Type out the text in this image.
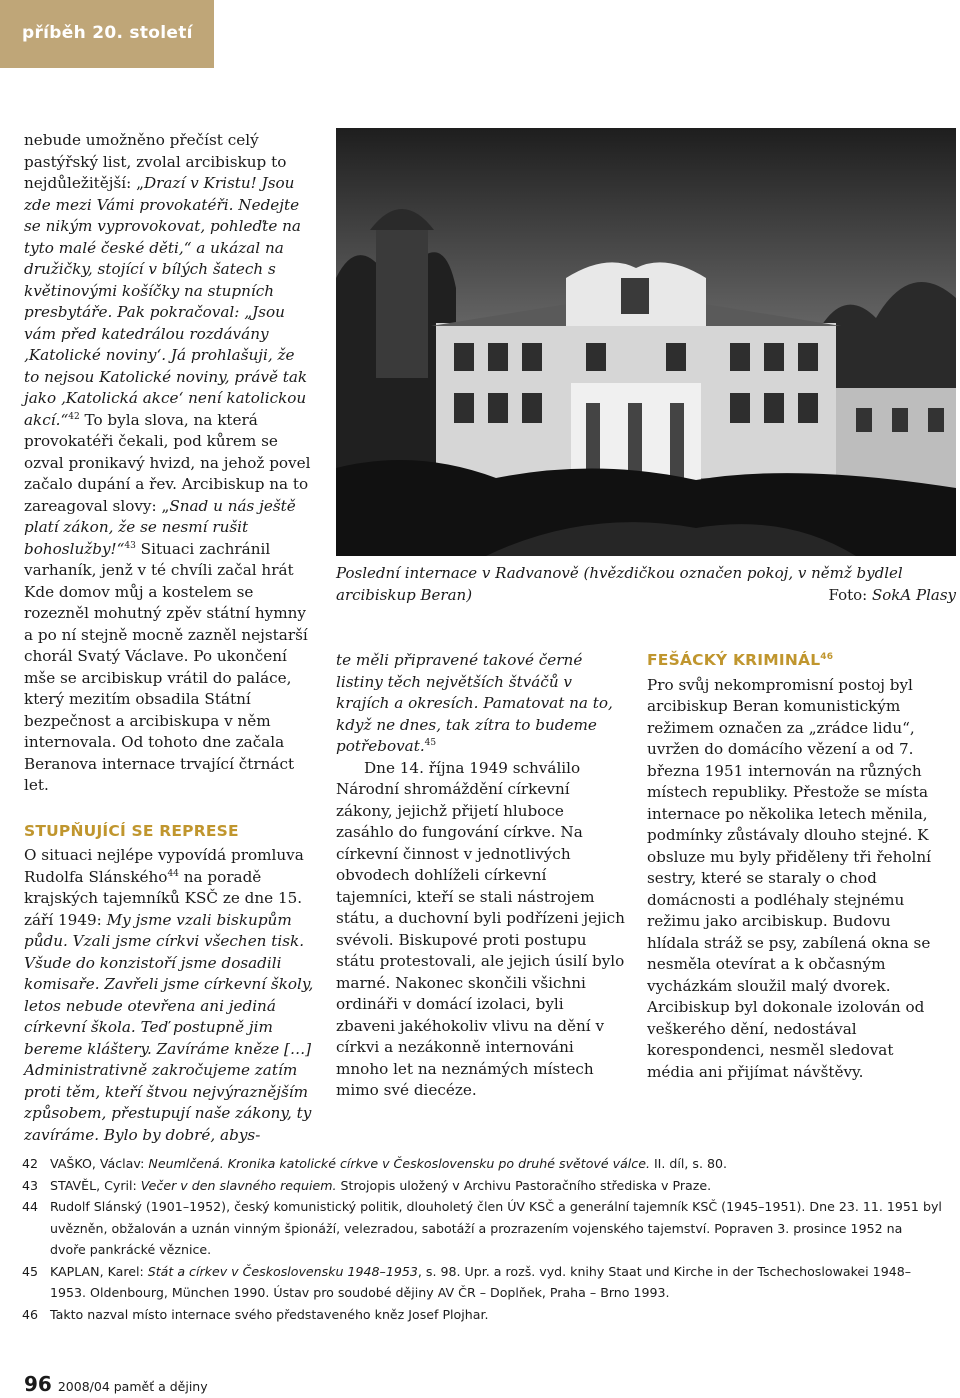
příběh 20. století

nebude umožněno přečíst celý pastýřský list, zvolal arcibiskup to nejdůležitější: „Drazí v Kristu! Jsou zde mezi Vámi provokatéři. Nedejte se nikým vyprovokovat, pohleďte na tyto malé české děti,“ a ukázal na družičky, stojící v bílých šatech s květinovými košíčky na stupních presbytáře. Pak pokračoval: „Jsou vám před katedrálou rozdávány ‚Katolické noviny‘. Já prohlašuji, že to nejsou Katolické noviny, právě tak jako ‚Katolická akce‘ není katolickou akcí.“$^{42}$ To byla slova, na která provokatéři čekali, pod kůrem se ozval pronikavý hvizd, na jehož povel začalo dupání a řev. Arcibiskup na to zareagoval slovy: „Snad u nás ještě platí zákon, že se nesmí rušit bohoslužby!“$^{43}$ Situaci zachránil varhaník, jenž v té chvíli začal hrát Kde domov můj a kostelem se rozezněl mohutný zpěv státní hymny a po ní stejně mocně zazněl nejstarší chorál Svatý Václave. Po ukončení mše se arcibiskup vrátil do paláce, který mezitím obsadila Státní bezpečnost a arcibiskupa v něm internovala. Od tohoto dne začala Beranova internace trvající čtrnáct let.

STUPŇUJÍCÍ SE REPRESE

O situaci nejlépe vypovídá promluva Rudolfa Slánského$^{44}$ na poradě krajských tajemníků KSČ ze dne 15. září 1949: My jsme vzali biskupům půdu. Vzali jsme církvi všechen tisk. Všude do konzistoří jsme dosadili komisaře. Zavřeli jsme církevní školy, letos nebude otevřena ani jediná církevní škola. Teď postupně jim bereme kláštery. Zavíráme kněze […] Administrativně zakročujeme zatím proti těm, kteří štvou nejvýraznějším způsobem, přestupují naše zákony, ty zavíráme. Bylo by dobré, abys-

Poslední internace v Radvanově (hvězdičkou označen pokoj, v němž bydlel arcibiskup Beran)	Foto: SokA Plasy

te měli připravené takové černé listiny těch největších štváčů v krajích a okresích. Pamatovat na to, když ne dnes, tak zítra to budeme potřebovat.$^{45}$

Dne 14. října 1949 schválilo Národní shromáždění církevní zákony, jejichž přijetí hluboce zasáhlo do fungování církve. Na církevní činnost v jednotlivých obvodech dohlíželi církevní tajemníci, kteří se stali nástrojem státu, a duchovní byli podřízeni jejich svévoli. Biskupové proti postupu státu protestovali, ale jejich úsilí bylo marné. Nakonec skončili všichni ordináři v domácí izolaci, byli zbaveni jakéhokoliv vlivu na dění v církvi a nezákonně internováni mnoho let na neznámých místech mimo své diecéze.

FEŠÁCKÝ KRIMINÁL$^{46}$

Pro svůj nekompromisní postoj byl arcibiskup Beran komunistickým režimem označen za „zrádce lidu“, uvržen do domácího vězení a od 7. března 1951 internován na různých místech republiky. Přestože se místa internace po několika letech měnila, podmínky zůstávaly dlouho stejné. K obsluze mu byly přiděleny tři řeholní sestry, které se staraly o chod domácnosti a podléhaly stejnému režimu jako arcibiskup. Budovu hlídala stráž se psy, zabílená okna se nesměla otevírat a k občasným vycházkám sloužil malý dvorek. Arcibiskup byl dokonale izolován od veškerého dění, nedostával korespondenci, nesměl sledovat média ani přijímat návštěvy.

42 VAŠKO, Václav: Neumlčená. Kronika katolické církve v Československu po druhé světové válce. II. díl, s. 80.
43 STAVĚL, Cyril: Večer v den slavného requiem. Strojopis uložený v Archivu Pastoračního střediska v Praze.
44 Rudolf Slánský (1901–1952), český komunistický politik, dlouholetý člen ÚV KSČ a generální tajemník KSČ (1945–1951). Dne 23. 11. 1951 byl uvězněn, obžalován a uznán vinným špionáží, velezradou, sabotáží a prozrazením vojenského tajemství. Popraven 3. prosince 1952 na dvoře pankrácké věznice.
45 KAPLAN, Karel: Stát a církev v Československu 1948–1953, s. 98. Upr. a rozš. vyd. knihy Staat und Kirche in der Tschechoslowakei 1948–1953. Oldenbourg, München 1990. Ústav pro soudobé dějiny AV ČR – Doplňek, Praha – Brno 1993.
46 Takto nazval místo internace svého představeného kněz Josef Plojhar.
96 2008/04 paměť a dějiny
